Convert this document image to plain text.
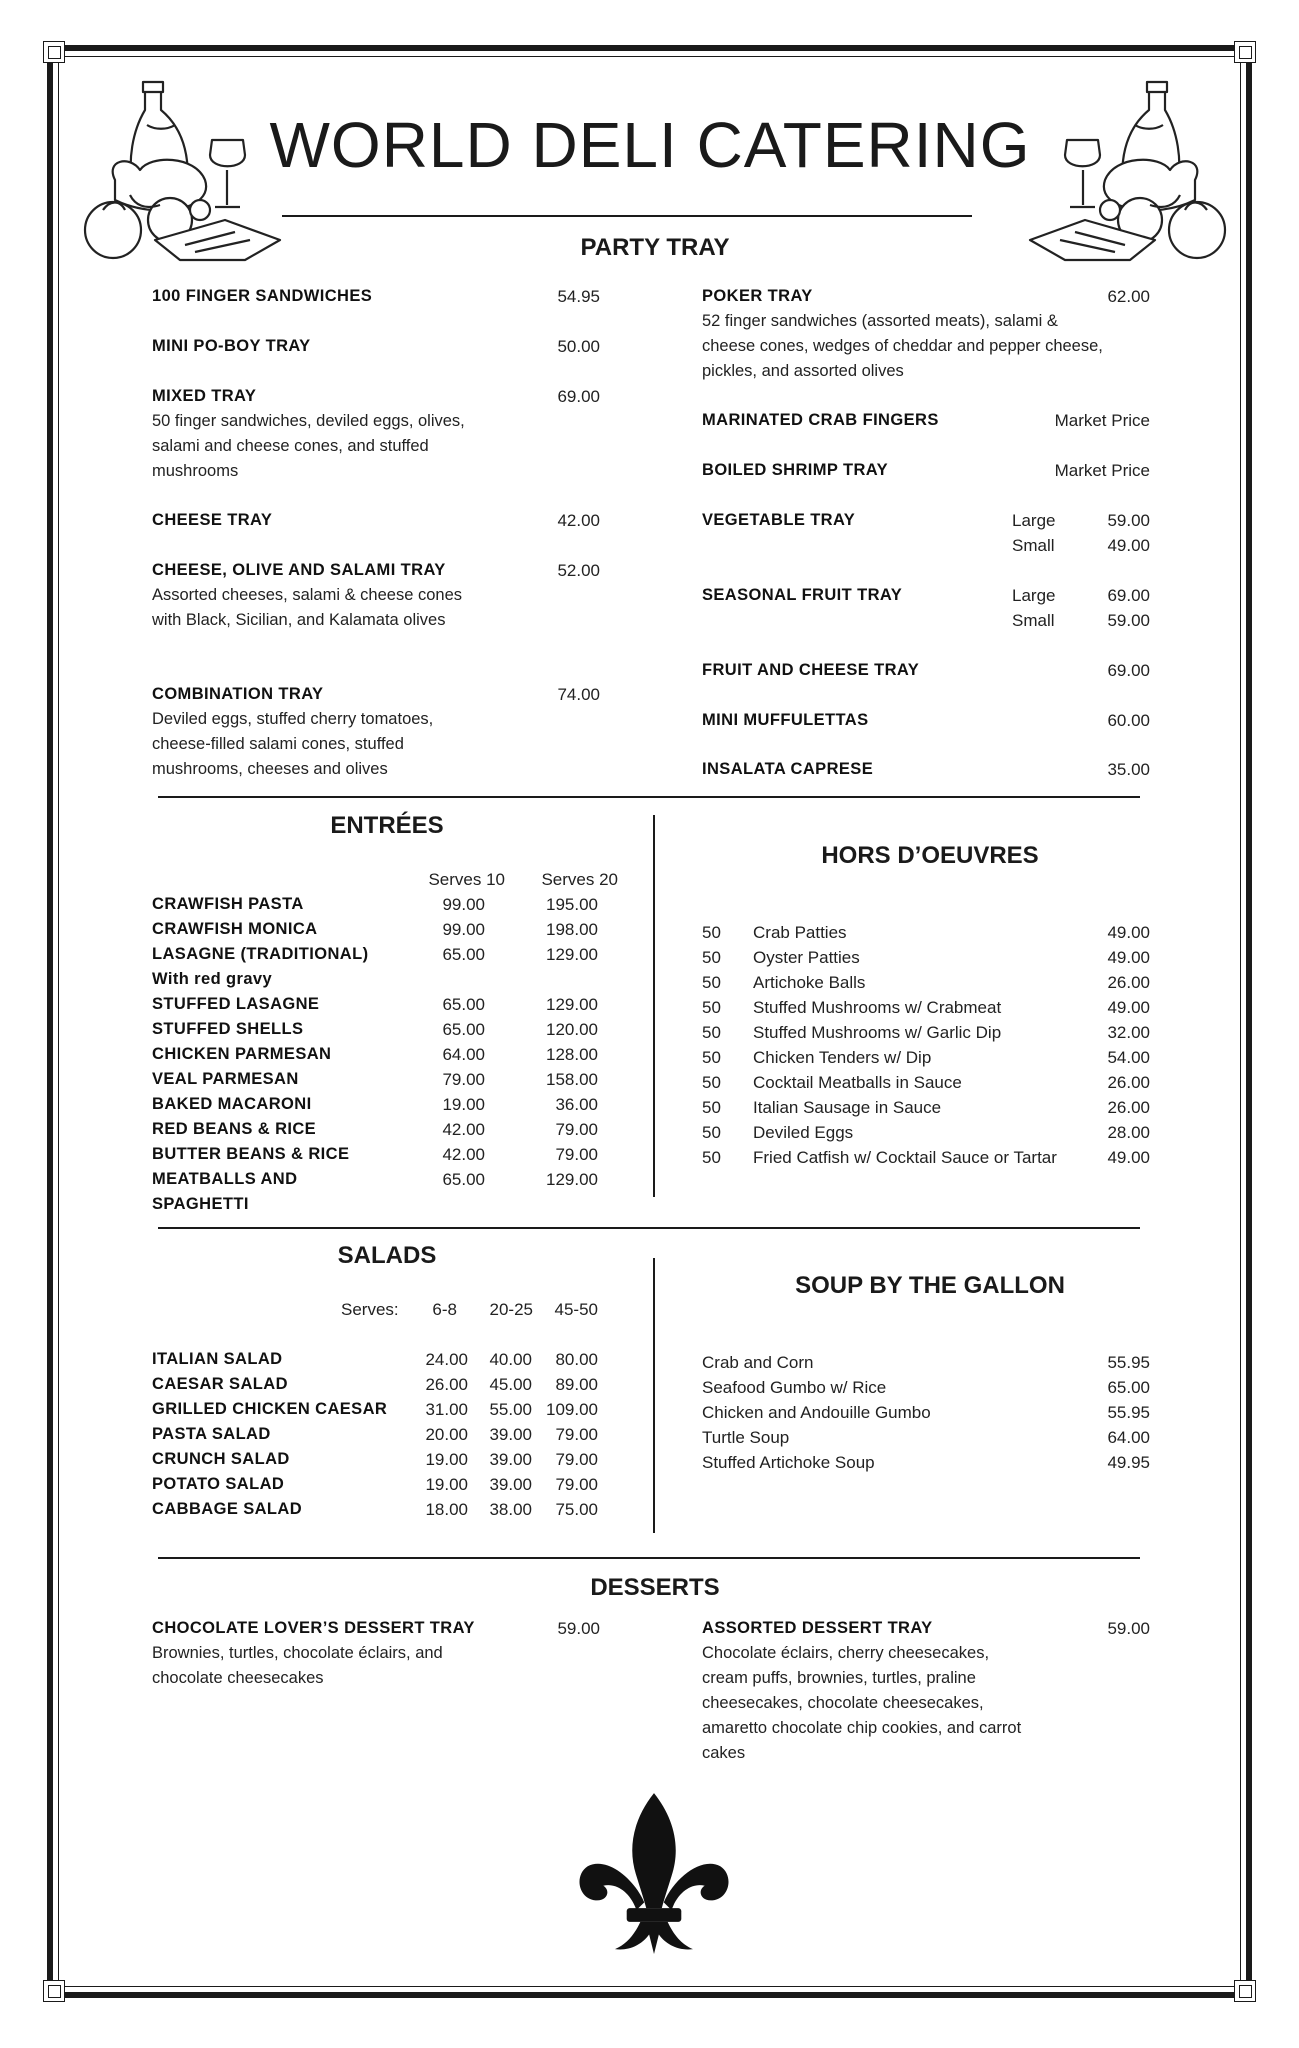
WORLD DELI CATERING
PARTY TRAY
100 FINGER SANDWICHES	54.95
MINI PO-BOY TRAY	50.00
MIXED TRAY	69.00
50 finger sandwiches, deviled eggs, olives, salami and cheese cones, and stuffed mushrooms
CHEESE TRAY	42.00
CHEESE, OLIVE AND SALAMI TRAY	52.00
Assorted cheeses, salami & cheese cones with Black, Sicilian, and Kalamata olives
COMBINATION TRAY	74.00
Deviled eggs, stuffed cherry tomatoes, cheese-filled salami cones, stuffed mushrooms, cheeses and olives
POKER TRAY	62.00
52 finger sandwiches (assorted meats), salami & cheese cones, wedges of cheddar and pepper cheese, pickles, and assorted olives
MARINATED CRAB FINGERS	Market Price
BOILED SHRIMP TRAY	Market Price
VEGETABLE TRAY	Large	59.00
Small	49.00
SEASONAL FRUIT TRAY	Large	69.00
Small	59.00
FRUIT AND CHEESE TRAY	69.00
MINI MUFFULETTAS	60.00
INSALATA CAPRESE	35.00
ENTRÉES
Serves 10	Serves 20
CRAWFISH PASTA	99.00	195.00
CRAWFISH MONICA	99.00	198.00
LASAGNE (TRADITIONAL)	65.00	129.00
With red gravy
STUFFED LASAGNE	65.00	129.00
STUFFED SHELLS	65.00	120.00
CHICKEN PARMESAN	64.00	128.00
VEAL PARMESAN	79.00	158.00
BAKED MACARONI	19.00	36.00
RED BEANS & RICE	42.00	79.00
BUTTER BEANS & RICE	42.00	79.00
MEATBALLS AND	65.00	129.00
SPAGHETTI
HORS D’OEUVRES
50 Crab Patties	49.00
50 Oyster Patties	49.00
50 Artichoke Balls	26.00
50 Stuffed Mushrooms w/ Crabmeat	49.00
50 Stuffed Mushrooms w/ Garlic Dip	32.00
50 Chicken Tenders w/ Dip	54.00
50 Cocktail Meatballs in Sauce	26.00
50 Italian Sausage in Sauce	26.00
50 Deviled Eggs	28.00
50 Fried Catfish w/ Cocktail Sauce or Tartar	49.00
SALADS
Serves:	6-8	20-25	45-50
ITALIAN SALAD	24.00	40.00	80.00
CAESAR SALAD	26.00	45.00	89.00
GRILLED CHICKEN CAESAR	31.00	55.00 109.00
PASTA SALAD	20.00	39.00	79.00
CRUNCH SALAD	19.00	39.00	79.00
POTATO SALAD	19.00	39.00	79.00
CABBAGE SALAD	18.00	38.00	75.00
SOUP BY THE GALLON
Crab and Corn	55.95
Seafood Gumbo w/ Rice	65.00
Chicken and Andouille Gumbo	55.95
Turtle Soup	64.00
Stuffed Artichoke Soup	49.95
DESSERTS
CHOCOLATE LOVER’S DESSERT TRAY	59.00
Brownies, turtles, chocolate éclairs, and chocolate cheesecakes
ASSORTED DESSERT TRAY	59.00
Chocolate éclairs, cherry cheesecakes, cream puffs, brownies, turtles, praline cheesecakes, chocolate cheesecakes, amaretto chocolate chip cookies, and carrot cakes
